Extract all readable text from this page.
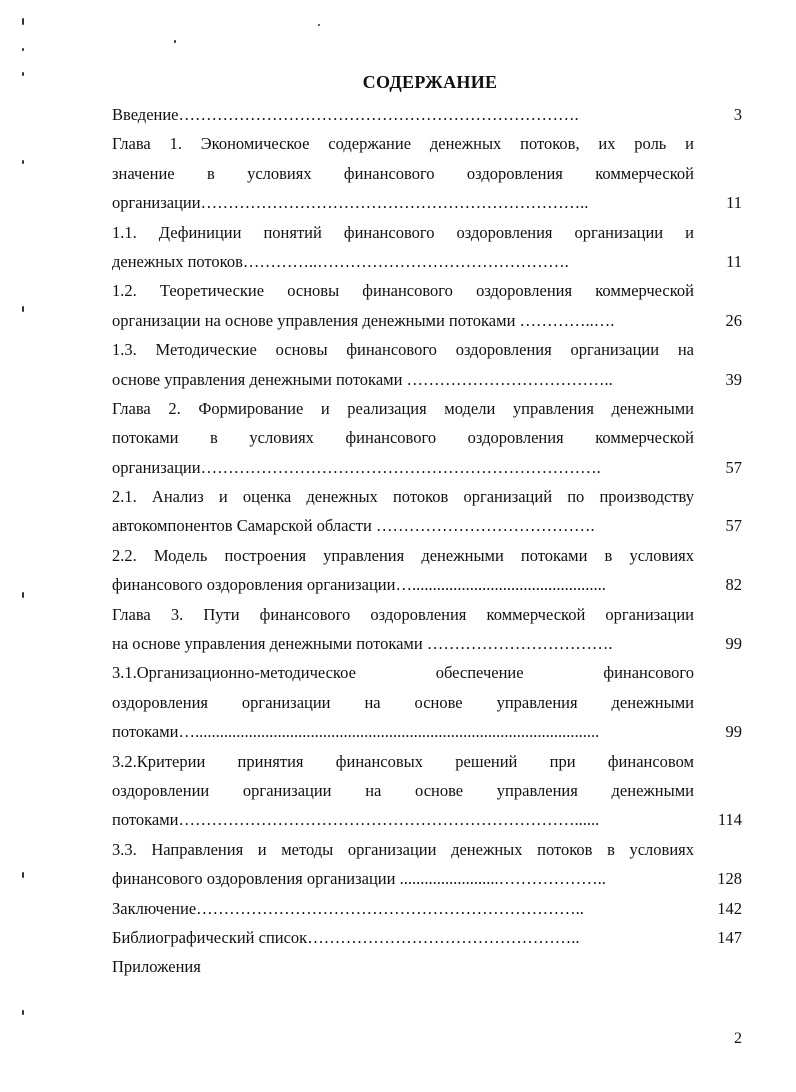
СОДЕРЖАНИЕ
Введение……………………………………………………………….	3
Глава 1. Экономическое содержание денежных потоков, их роль и
значение в условиях финансового оздоровления коммерческой
организации……………………………………………………………..	11
1.1. Дефиниции понятий финансового оздоровления организации и
денежных потоков…………..……………………………………….	11
1.2. Теоретические основы финансового оздоровления коммерческой
организации на основе управления денежными потоками …………..….	26
1.3. Методические основы финансового оздоровления организации на
основе управления денежными потоками ………………………………..	39
Глава 2. Формирование и реализация модели управления денежными
потоками в условиях финансового оздоровления коммерческой
организации……………………………………………………………….	57
2.1. Анализ и оценка денежных потоков организаций по производству
автокомпонентов Самарской области ………………………………….	57
2.2. Модель построения управления денежными потоками в условиях
финансового оздоровления организации…...............................................	82
Глава 3. Пути финансового оздоровления коммерческой организации
на основе управления денежными потоками …………………………….	99
3.1.Организационно-методическое обеспечение финансового
оздоровления организации на основе управления денежными
потоками…..................................................................................................	99
3.2.Критерии принятия финансовых решений при финансовом
оздоровлении организации на основе управления денежными
потоками………………………………………………………………......	114
3.3. Направления и методы организации денежных потоков в условиях
финансового оздоровления организации ........................………………..	128
Заключение……………………………………………………………..	142
Библиографический список…………………………………………..	147
Приложения
2
